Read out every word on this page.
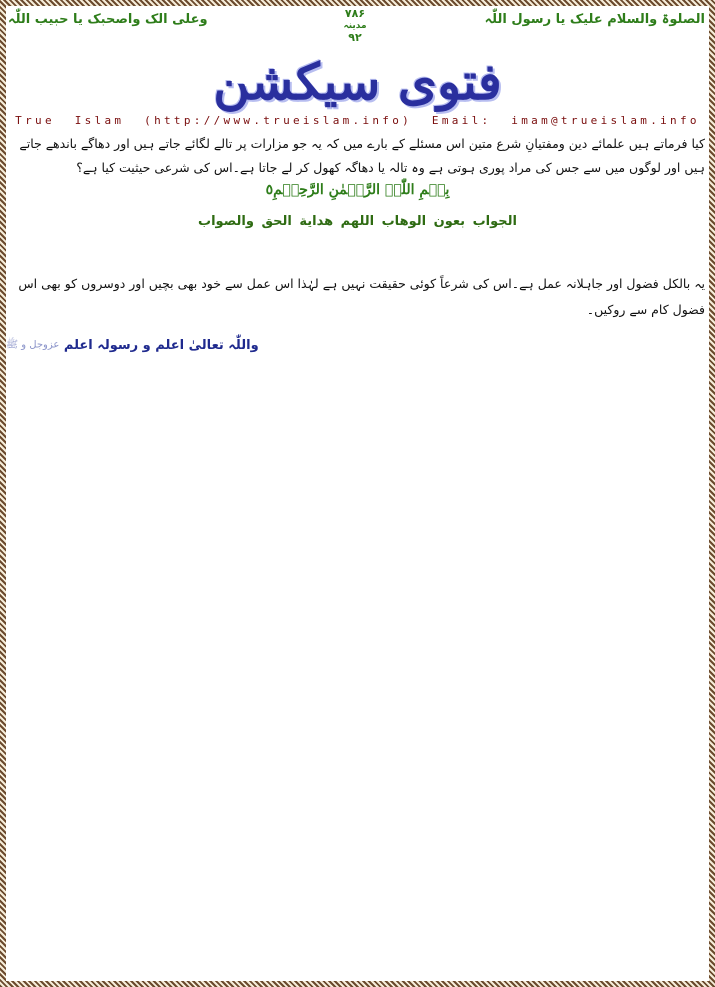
الصلوۃ والسلام علیک یا رسول اللّٰہ
۷۸۶
مدینہ
۹۲
وعلی الک واصحبک یا حبیب اللّٰہ
فتوی سیکشن
True  Islam  (http://www.trueislam.info)  Email:  imam@trueislam.info
کیا فرماتے ہیں علمائے دین ومفتیانِ شرع متین اس مسئلے کے بارے میں کہ یہ جو مزارات پر تالے لگائے جاتے ہیں اور دھاگے باندھے جاتے ہیں اور لوگوں میں سے جس کی مراد پوری ہوتی ہے وہ تالہ یا دھاگہ کھول کر لے جاتا ہے۔اس کی شرعی حیثیت کیا ہے؟
بِسۡمِ اللّٰہِ الرَّحۡمٰنِ الرَّحِیۡمِ٥
الجواب بعون الوهاب اللهم هداية الحق والصواب
یہ بالکل فضول اور جاہلانہ عمل ہے۔اس کی شرعاً کوئی حقیقت نہیں ہے لہٰذا اس عمل سے خود بھی بچیں اور دوسروں کو بھی اس فضول کام سے روکیں۔
واللّٰہ تعالیٰ اعلم و رسولہ اعلم عزوجل و ﷺ
